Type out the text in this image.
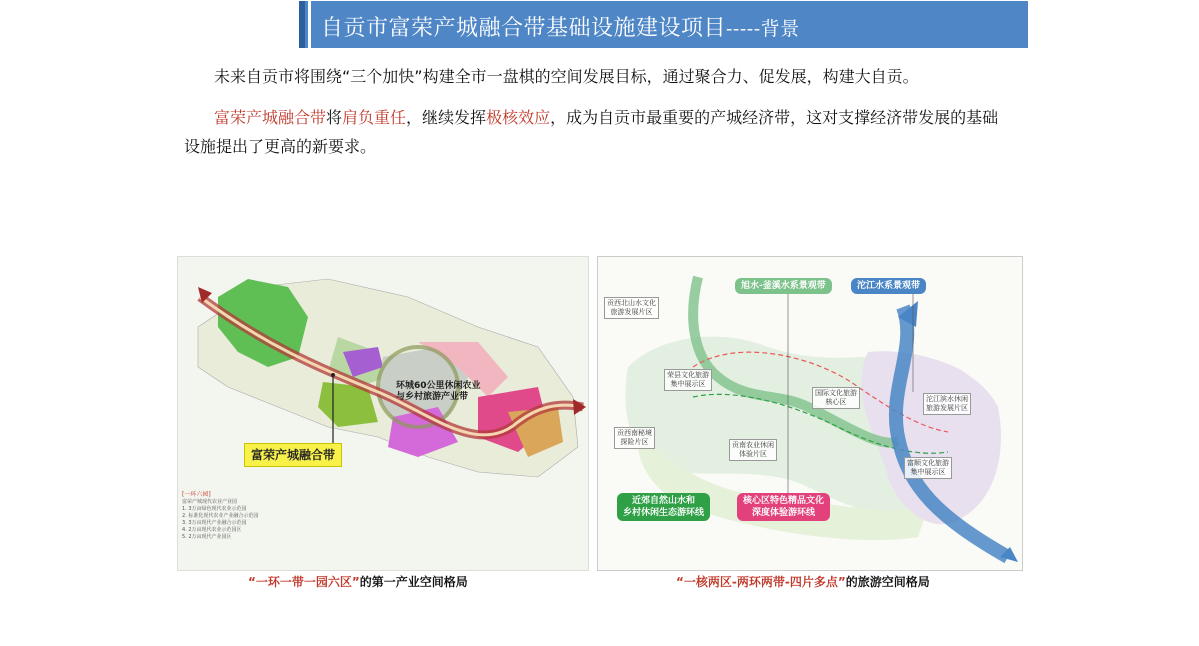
自贡市富荣产城融合带基础设施建设项目-----背景
未来自贡市将围绕“三个加快”构建全市一盘棋的空间发展目标，通过聚合力、促发展，构建大自贡。
富荣产城融合带将肩负重任，继续发挥极核效应，成为自贡市最重要的产城经济带，这对支撑经济带发展的基础设施提出了更高的新要求。
富荣产城融合带
环城60公里休闲农业
与乡村旅游产业带
[一环六园]
富荣产城现代农业产业园
1. 3万亩绿色现代农业示范园
2. 标准化现代农业产业融合示范园
3. 3万亩现代产业融合示范园
4. 2万亩现代农业示范园区
5. 2万亩现代产业园区
“一环一带一园六区”的第一产业空间格局
旭水-釜溪水系景观带	沱江水系景观带
近郊自然山水和
乡村休闲生态游环线
核心区特色精品文化
深度体验游环线
贡西北山水文化
旅游发展片区
荣县文化旅游
集中展示区
国际文化旅游
核心区	沱江滨水休闲
旅游发展片区
贡西南秘境
探险片区	贡南农业休闲
体验片区
富顺文化旅游
集中展示区
“一核两区-两环两带-四片多点”的旅游空间格局
